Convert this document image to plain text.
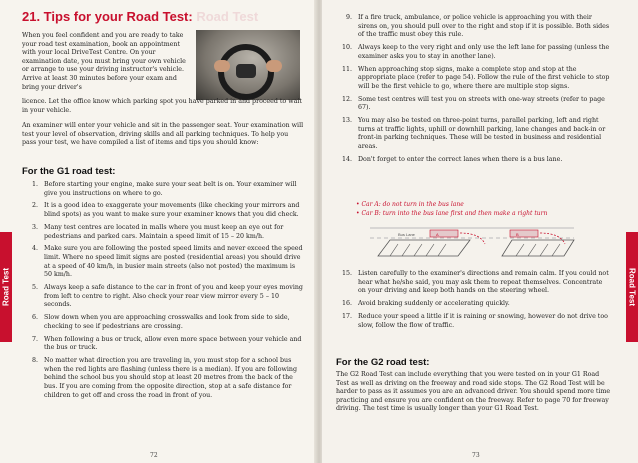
21. Tips for your Road Test: Road Test
When you feel confident and you are ready to take your road test examination, book an appointment with your local DriveTest Centre. On your examination date, you must bring your own vehicle or arrange to use your driving instructor's vehicle. Arrive at least 30 minutes before your exam and bring your driver's
licence. Let the office know which parking spot you have parked in and proceed to wait in your vehicle.
An examiner will enter your vehicle and sit in the passenger seat. Your examination will test your level of observation, driving skills and all parking techniques. To help you pass your test, we have compiled a list of items and tips you should know:
For the G1 road test:
1. Before starting your engine, make sure your seat belt is on. Your examiner will give you instructions on where to go.
2. It is a good idea to exaggerate your movements (like checking your mirrors and blind spots) as you want to make sure your examiner knows that you did check.
3. Many test centres are located in malls where you must keep an eye out for pedestrians and parked cars. Maintain a speed limit of 15 – 20 km/h.
4. Make sure you are following the posted speed limits and never exceed the speed limit. Where no speed limit signs are posted (residential areas) you should drive at a speed of 40 km/h, in busier main streets (also not posted) the maximum is 50 km/h.
5. Always keep a safe distance to the car in front of you and keep your eyes moving from left to centre to right. Also check your rear view mirror every 5 – 10 seconds.
6. Slow down when you are approaching crosswalks and look from side to side, checking to see if pedestrians are crossing.
7. When following a bus or truck, allow even more space between your vehicle and the bus or truck.
8. No matter what direction you are traveling in, you must stop for a school bus when the red lights are flashing (unless there is a median). If you are following behind the school bus you should stop at least 20 metres from the back of the bus. If you are coming from the opposite direction, stop at a safe distance for children to get off and cross the road in front of you.
72
Road Test	Road Test
9. If a fire truck, ambulance, or police vehicle is approaching you with their sirens on, you should pull over to the right and stop if it is possible. Both sides of the traffic must obey this rule.
10. Always keep to the very right and only use the left lane for passing (unless the examiner asks you to stay in another lane).
11. When approaching stop signs, make a complete stop and stop at the appropriate place (refer to page 54). Follow the rule of the first vehicle to stop will be the first vehicle to go, where there are multiple stop signs.
12. Some test centres will test you on streets with one-way streets (refer to page 67).
13. You may also be tested on three-point turns, parallel parking, left and right turns at traffic lights, uphill or downhill parking, lane changes and back-in or front-in parking techniques. These will be tested in business and residential areas.
14. Don't forget to enter the correct lanes when there is a bus lane.
• Car A: do not turn in the bus lane
• Car B: turn into the bus lane first and then make a right turn
A	B
Bus Lane
15. Listen carefully to the examiner's directions and remain calm. If you could not hear what he/she said, you may ask them to repeat themselves. Concentrate on your driving and keep both hands on the steering wheel.
16. Avoid braking suddenly or accelerating quickly.
17. Reduce your speed a little if it is raining or snowing, however do not drive too slow, follow the flow of traffic.
For the G2 road test:
The G2 Road Test can include everything that you were tested on in your G1 Road Test as well as driving on the freeway and road side stops. The G2 Road Test will be harder to pass as it assumes you are an advanced driver. You should spend more time practicing and ensure you are confident on the freeway. Refer to page 70 for freeway driving. The test time is usually longer than your G1 Road Test.
73
